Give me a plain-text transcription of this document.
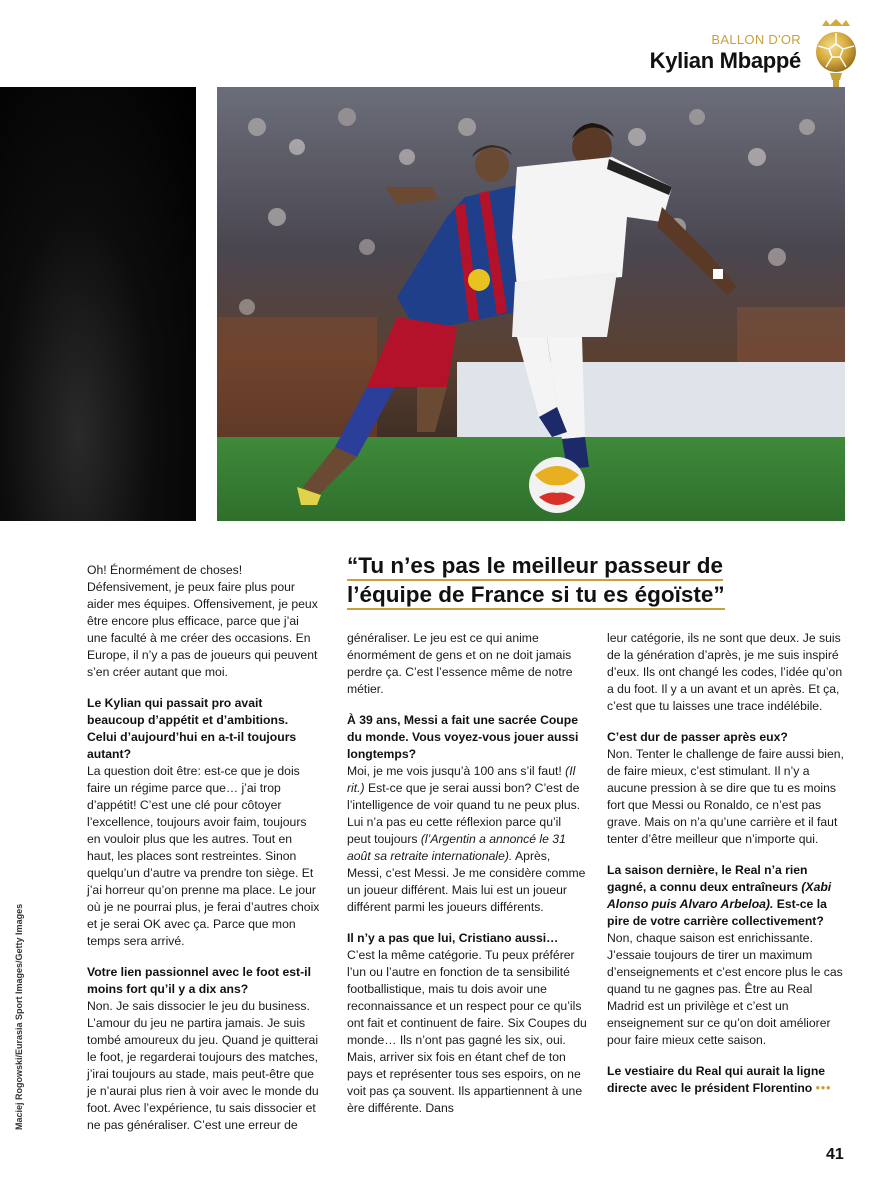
BALLON D'OR
Kylian Mbappé
Maciej Rogowski/Eurasia Sport Images/Getty Images
“Tu n’es pas le meilleur passeur de
l’équipe de France si tu es égoïste”

Oh! Énormément de choses! Défensivement, je peux faire plus pour aider mes équipes. Offensivement, je peux être encore plus efficace, parce que j’ai une faculté à me créer des occasions. En Europe, il n’y a pas de joueurs qui peuvent s’en créer autant que moi.

Le Kylian qui passait pro avait beaucoup d’appétit et d’ambitions. Celui d’aujourd’hui en a-t-il toujours autant?
La question doit être: est-ce que je dois faire un régime parce que… j’ai trop d’appétit! C’est une clé pour côtoyer l’excellence, toujours avoir faim, toujours en vouloir plus que les autres. Tout en haut, les places sont restreintes. Sinon quelqu’un d’autre va prendre ton siège. Et j’ai horreur qu’on prenne ma place. Le jour où je ne pourrai plus, je ferai d’autres choix et je serai OK avec ça. Parce que mon temps sera arrivé.

Votre lien passionnel avec le foot est-il moins fort qu’il y a dix ans?
Non. Je sais dissocier le jeu du business. L’amour du jeu ne partira jamais. Je suis tombé amoureux du jeu. Quand je quitterai le foot, je regarderai toujours des matches, j’irai toujours au stade, mais peut-être que je n’aurai plus rien à voir avec le monde du foot. Avec l’expérience, tu sais dissocier et ne pas généraliser. C’est une erreur de

généraliser. Le jeu est ce qui anime énormément de gens et on ne doit jamais perdre ça. C’est l’essence même de notre métier.

À 39 ans, Messi a fait une sacrée Coupe du monde. Vous voyez-vous jouer aussi longtemps?
Moi, je me vois jusqu’à 100 ans s’il faut! (Il rit.) Est-ce que je serai aussi bon? C’est de l’intelligence de voir quand tu ne peux plus. Lui n’a pas eu cette réflexion parce qu’il peut toujours (l’Argentin a annoncé le 31 août sa retraite internationale). Après, Messi, c’est Messi. Je me considère comme un joueur différent. Mais lui est un joueur différent parmi les joueurs différents.

Il n’y a pas que lui, Cristiano aussi…
C’est la même catégorie. Tu peux préférer l’un ou l’autre en fonction de ta sensibilité footballistique, mais tu dois avoir une reconnaissance et un respect pour ce qu’ils ont fait et continuent de faire. Six Coupes du monde… Ils n’ont pas gagné les six, oui. Mais, arriver six fois en étant chef de ton pays et représenter tous ses espoirs, on ne voit pas ça souvent. Ils appartiennent à une ère différente. Dans

leur catégorie, ils ne sont que deux. Je suis de la génération d’après, je me suis inspiré d’eux. Ils ont changé les codes, l’idée qu’on a du foot. Il y a un avant et un après. Et ça, c’est que tu laisses une trace indélébile.

C’est dur de passer après eux?
Non. Tenter le challenge de faire aussi bien, de faire mieux, c’est stimulant. Il n’y a aucune pression à se dire que tu es moins fort que Messi ou Ronaldo, ce n’est pas grave. Mais on n’a qu’une carrière et il faut tenter d’être meilleur que n’importe qui.

La saison dernière, le Real n’a rien gagné, a connu deux entraîneurs (Xabi Alonso puis Alvaro Arbeloa). Est-ce la pire de votre carrière collectivement?
Non, chaque saison est enrichissante. J’essaie toujours de tirer un maximum d’enseignements et c’est encore plus le cas quand tu ne gagnes pas. Être au Real Madrid est un privilège et c’est un enseignement sur ce qu’on doit améliorer pour faire mieux cette saison.

Le vestiaire du Real qui aurait la ligne directe avec le président Florentino •••

41
